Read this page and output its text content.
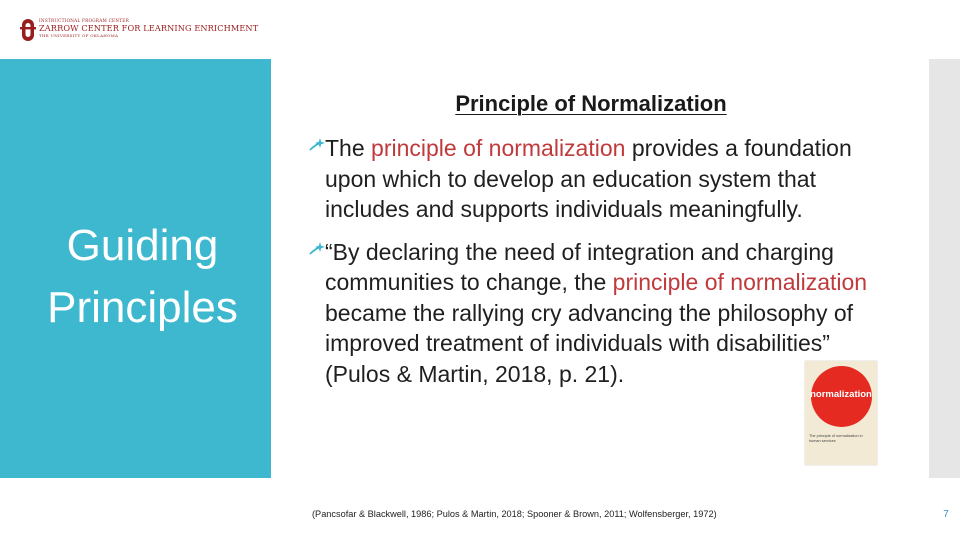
INSTRUCTIONAL PROGRAM CENTER
ZARROW CENTER FOR LEARNING ENRICHMENT
THE UNIVERSITY OF OKLAHOMA
Guiding
Principles
Principle of Normalization
The principle of normalization provides a foundation upon which to develop an education system that includes and supports individuals meaningfully.
“By declaring the need of integration and charging communities to change, the principle of normalization became the rallying cry advancing the philosophy of improved treatment of individuals with disabilities” (Pulos & Martin, 2018, p. 21).
normalization
The principle of normalization in human services
(Pancsofar & Blackwell, 1986; Pulos & Martin, 2018; Spooner & Brown, 2011; Wolfensberger, 1972)	7
